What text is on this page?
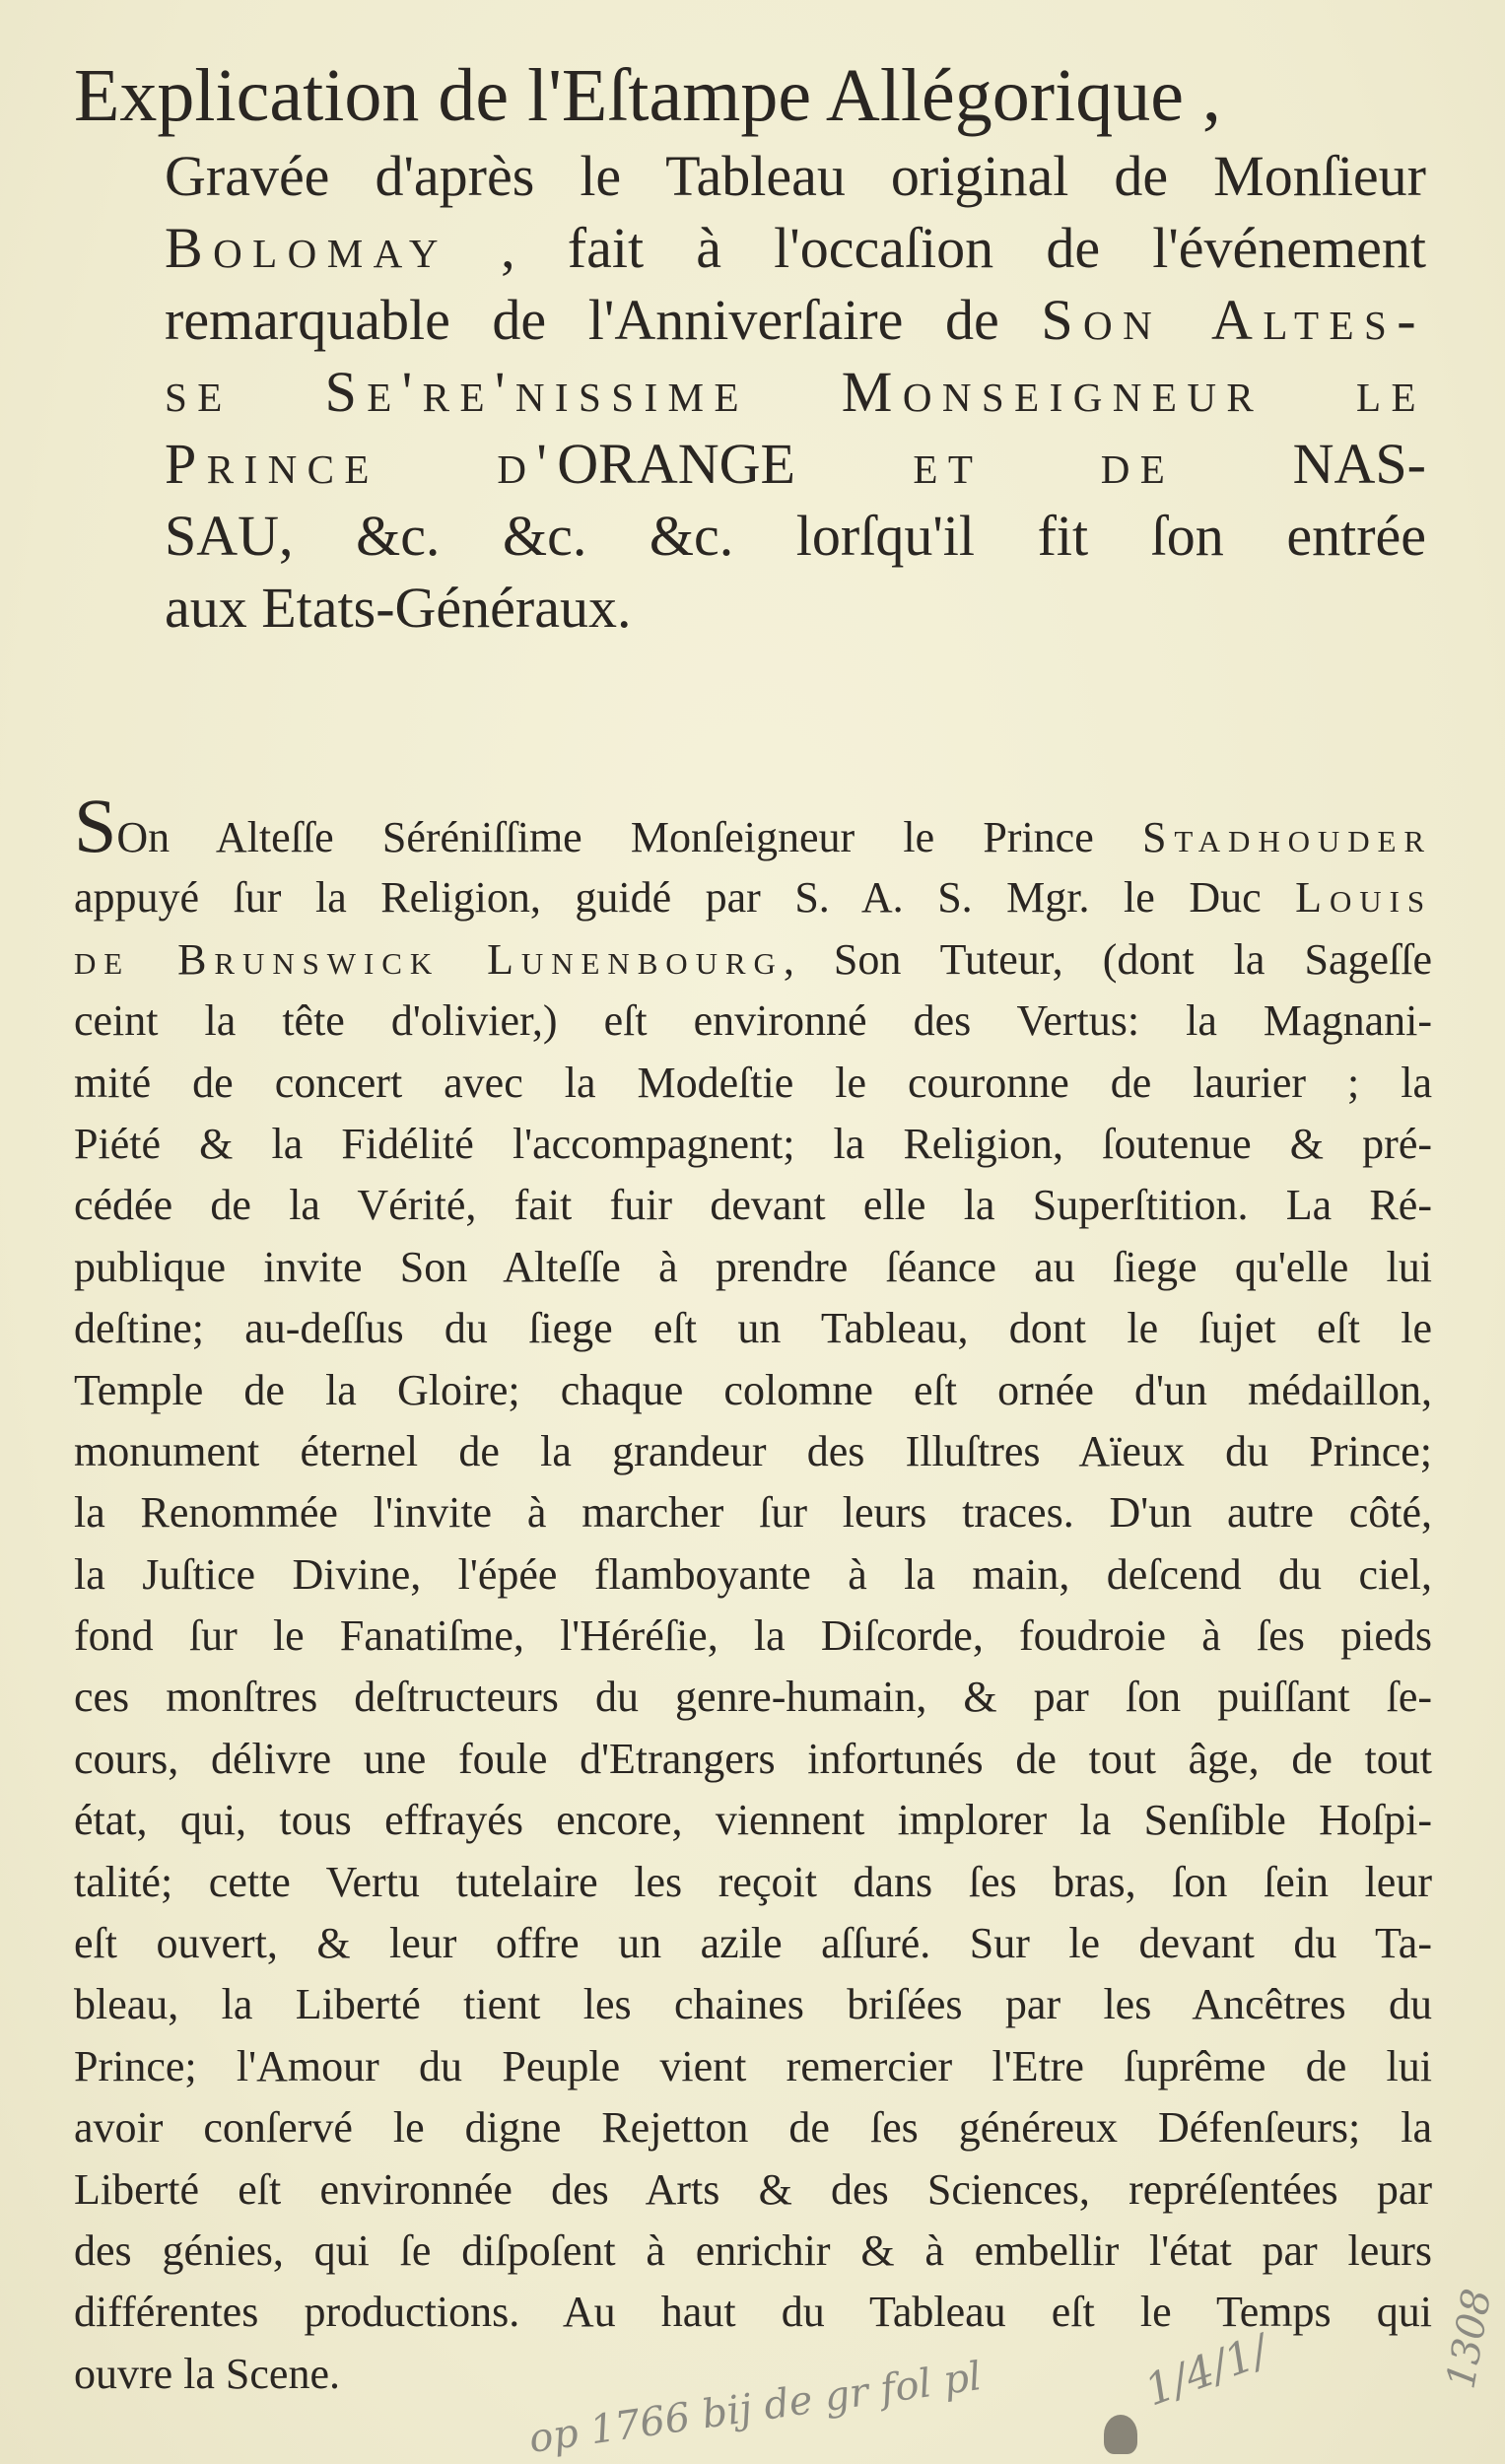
Explication de l'Eſtampe Allégorique ,
Gravée d'après le Tableau original de Monſieur
Bolomay , fait à l'occaſion de l'événement
remarquable de l'Anniverſaire de Son Altes-
se Se're'nissime Monseigneur le
Prince d'ORANGE et de NAS-
SAU, &c. &c. &c. lorſqu'il fit ſon entrée
aux Etats-Généraux.
SOn Alteſſe Séréniſſime Monſeigneur le Prince Stadhouder
appuyé ſur la Religion, guidé par S. A. S. Mgr. le Duc Louis
de Brunswick Lunenbourg, Son Tuteur, (dont la Sageſſe
ceint la tête d'olivier,) eſt environné des Vertus: la Magnani-
mité de concert avec la Modeſtie le couronne de laurier ; la
Piété & la Fidélité l'accompagnent; la Religion, ſoutenue & pré-
cédée de la Vérité, fait fuir devant elle la Superſtition. La Ré-
publique invite Son Alteſſe à prendre ſéance au ſiege qu'elle lui
deſtine; au-deſſus du ſiege eſt un Tableau, dont le ſujet eſt le
Temple de la Gloire; chaque colomne eſt ornée d'un médaillon,
monument éternel de la grandeur des Illuſtres Aïeux du Prince;
la Renommée l'invite à marcher ſur leurs traces. D'un autre côté,
la Juſtice Divine, l'épée flamboyante à la main, deſcend du ciel,
fond ſur le Fanatiſme, l'Héréſie, la Diſcorde, foudroie à ſes pieds
ces monſtres deſtructeurs du genre-humain, & par ſon puiſſant ſe-
cours, délivre une foule d'Etrangers infortunés de tout âge, de tout
état, qui, tous effrayés encore, viennent implorer la Senſible Hoſpi-
talité; cette Vertu tutelaire les reçoit dans ſes bras, ſon ſein leur
eſt ouvert, & leur offre un azile aſſuré. Sur le devant du Ta-
bleau, la Liberté tient les chaines briſées par les Ancêtres du
Prince; l'Amour du Peuple vient remercier l'Etre ſuprême de lui
avoir conſervé le digne Rejetton de ſes généreux Défenſeurs; la
Liberté eſt environnée des Arts & des Sciences, repréſentées par
des génies, qui ſe diſpoſent à enrichir & à embellir l'état par leurs
différentes productions. Au haut du Tableau eſt le Temps qui
ouvre la Scene.	op 1766 bij de gr fol pl	1/4/1/	1308
